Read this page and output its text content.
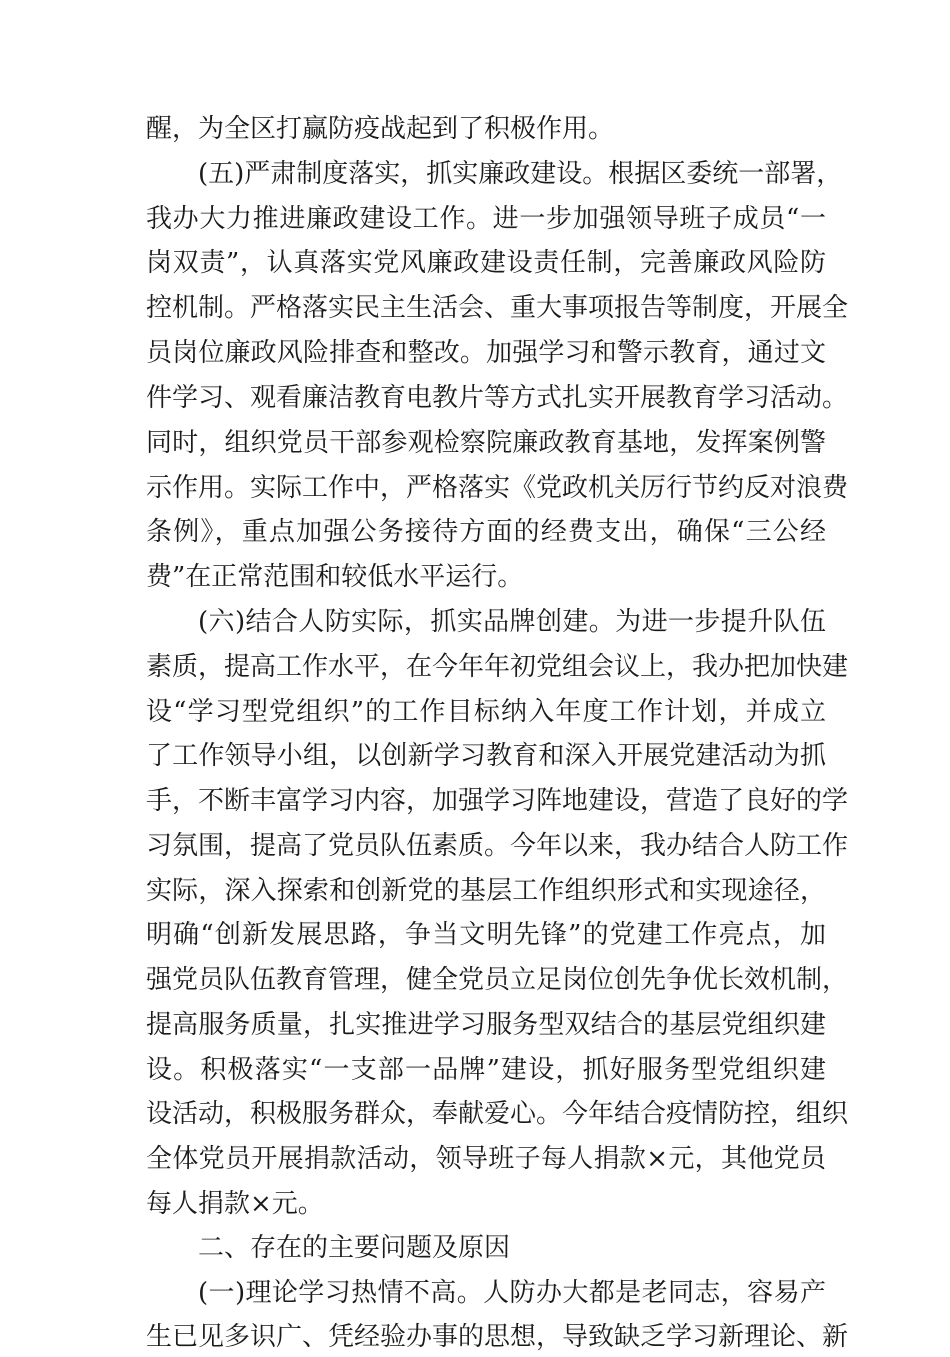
醒，为全区打赢防疫战起到了积极作用。
(五)严肃制度落实，抓实廉政建设。根据区委统一部署，
我办大力推进廉政建设工作。进一步加强领导班子成员“一
岗双责”，认真落实党风廉政建设责任制，完善廉政风险防
控机制。严格落实民主生活会、重大事项报告等制度，开展全
员岗位廉政风险排查和整改。加强学习和警示教育，通过文
件学习、观看廉洁教育电教片等方式扎实开展教育学习活动。
同时，组织党员干部参观检察院廉政教育基地，发挥案例警
示作用。实际工作中，严格落实《党政机关厉行节约反对浪费
条例》，重点加强公务接待方面的经费支出，确保“三公经
费”在正常范围和较低水平运行。
(六)结合人防实际，抓实品牌创建。为进一步提升队伍
素质，提高工作水平，在今年年初党组会议上，我办把加快建
设“学习型党组织”的工作目标纳入年度工作计划，并成立
了工作领导小组，以创新学习教育和深入开展党建活动为抓
手，不断丰富学习内容，加强学习阵地建设，营造了良好的学
习氛围，提高了党员队伍素质。今年以来，我办结合人防工作
实际，深入探索和创新党的基层工作组织形式和实现途径，
明确“创新发展思路，争当文明先锋”的党建工作亮点，加
强党员队伍教育管理，健全党员立足岗位创先争优长效机制，
提高服务质量，扎实推进学习服务型双结合的基层党组织建
设。积极落实“一支部一品牌”建设，抓好服务型党组织建
设活动，积极服务群众，奉献爱心。今年结合疫情防控，组织
全体党员开展捐款活动，领导班子每人捐款×元，其他党员
每人捐款×元。
二、存在的主要问题及原因
(一)理论学习热情不高。人防办大都是老同志，容易产
生已见多识广、凭经验办事的思想，导致缺乏学习新理论、新
